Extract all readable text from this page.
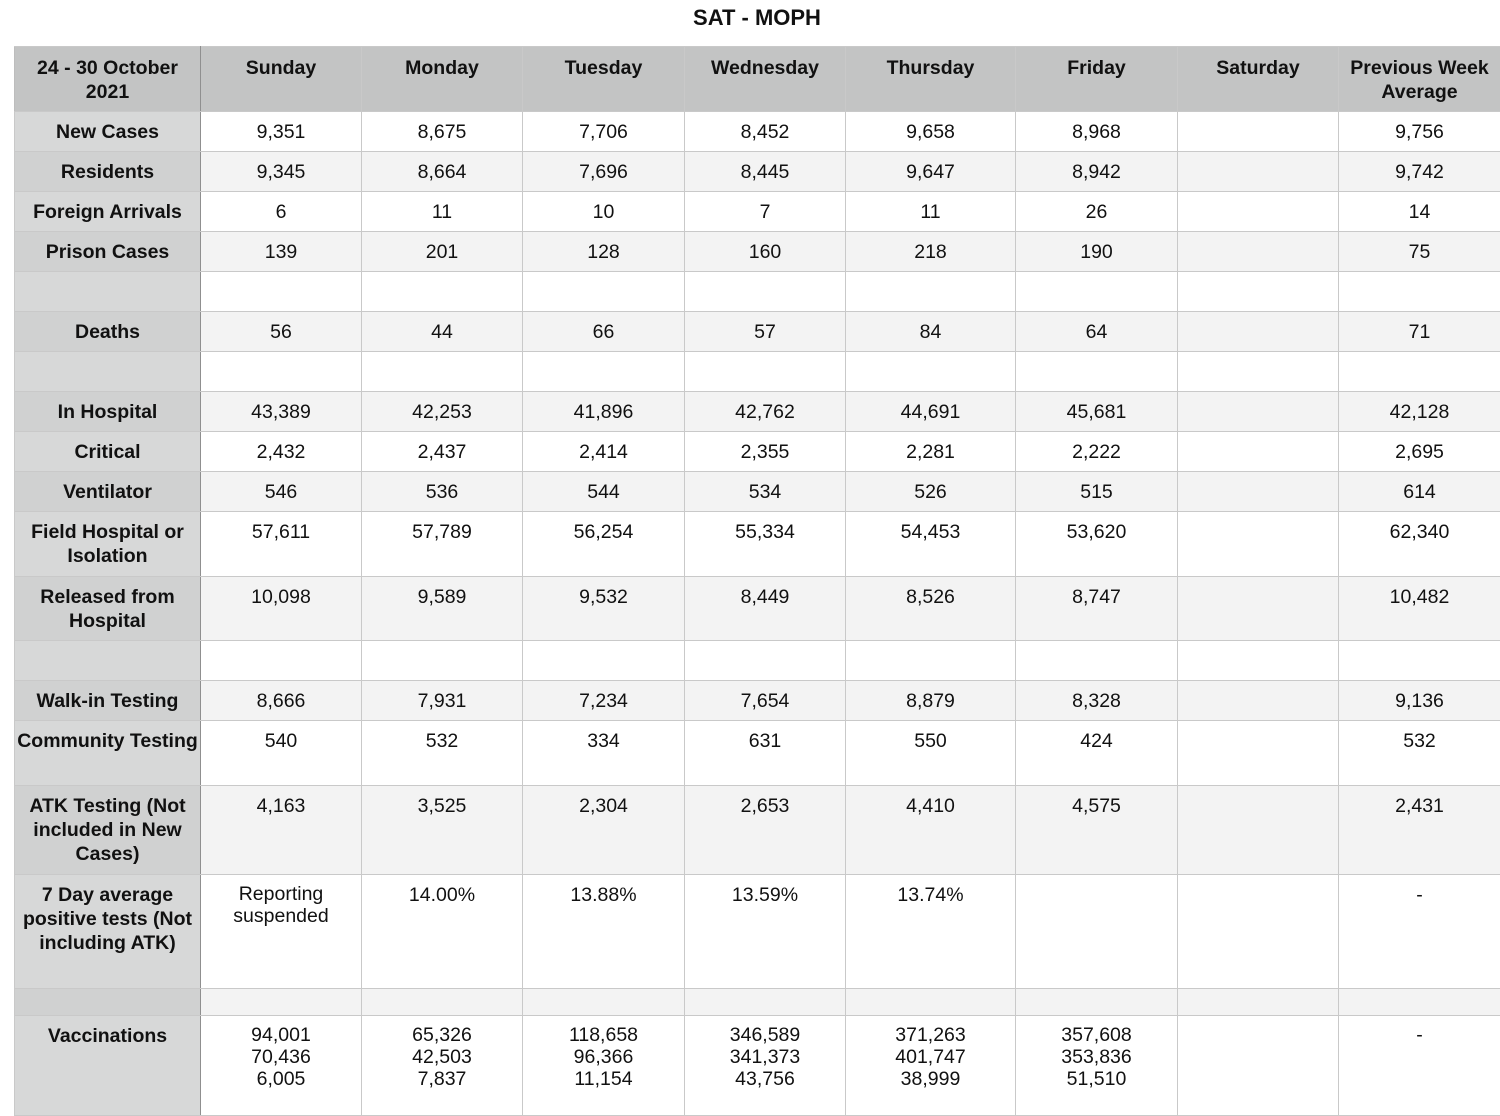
SAT - MOPH
24 - 30 October 2021	Sunday	Monday	Tuesday	Wednesday	Thursday	Friday	Saturday	Previous Week Average
New Cases	9,351	8,675	7,706	8,452	9,658	8,968		9,756
Residents	9,345	8,664	7,696	8,445	9,647	8,942		9,742
Foreign Arrivals	6	11	10	7	11	26		14
Prison Cases	139	201	128	160	218	190		75

Deaths	56	44	66	57	84	64		71

In Hospital	43,389	42,253	41,896	42,762	44,691	45,681		42,128
Critical	2,432	2,437	2,414	2,355	2,281	2,222		2,695
Ventilator	546	536	544	534	526	515		614
Field Hospital or Isolation	57,611	57,789	56,254	55,334	54,453	53,620		62,340
Released from Hospital	10,098	9,589	9,532	8,449	8,526	8,747		10,482

Walk-in Testing	8,666	7,931	7,234	7,654	8,879	8,328		9,136
Community Testing	540	532	334	631	550	424		532
ATK Testing (Not included in New Cases)	4,163	3,525	2,304	2,653	4,410	4,575		2,431
7 Day average positive tests (Not including ATK)	Reporting suspended	14.00%	13.88%	13.59%	13.74%			-

Vaccinations	94,001
70,436
6,005	65,326
42,503
7,837	118,658
96,366
11,154	346,589
341,373
43,756	371,263
401,747
38,999	357,608
353,836
51,510		-
